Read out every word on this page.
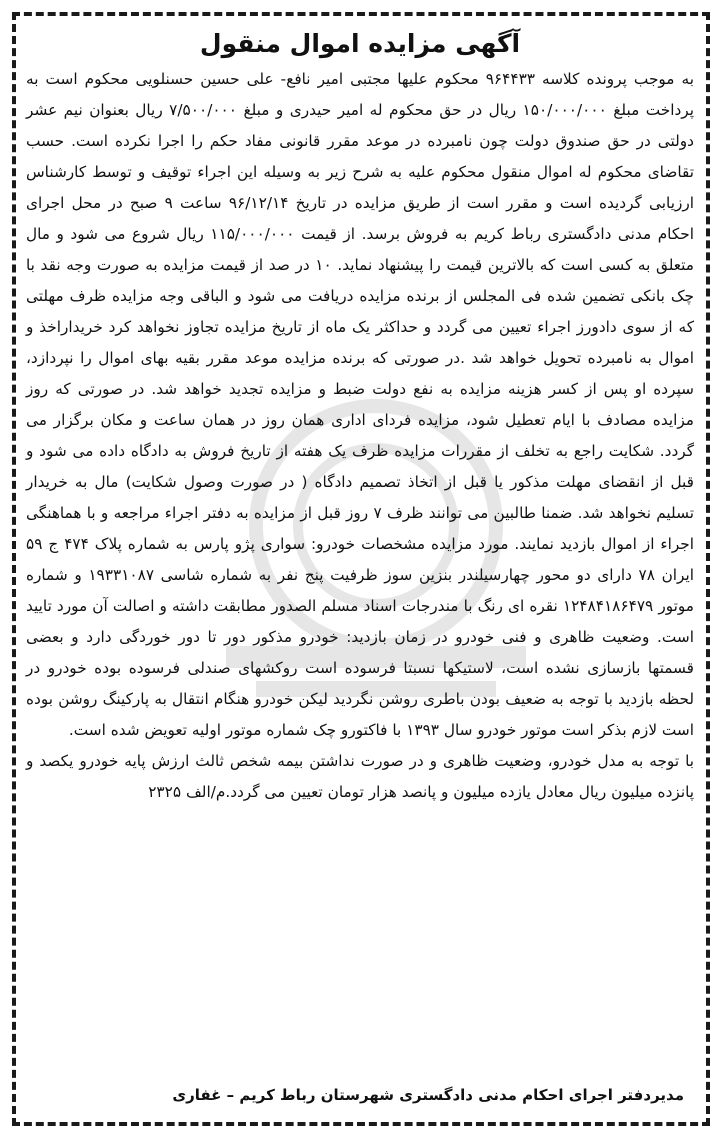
آگهی مزایده اموال منقول

به موجب پرونده کلاسه ۹۶۴۴۳۳ محکوم علیها مجتبی امیر نافع- علی حسین حسنلویی محکوم است به پرداخت مبلغ ۱۵۰/۰۰۰/۰۰۰ ریال در حق محکوم له امیر حیدری و مبلغ ۷/۵۰۰/۰۰۰ ریال بعنوان نیم عشر دولتی در حق صندوق دولت چون نامبرده در موعد مقرر قانونی مفاد حکم را اجرا نکرده است. حسب تقاضای محکوم له اموال منقول محکوم علیه به شرح زیر به وسیله این اجراء توقیف و توسط کارشناس ارزیابی گردیده است و مقرر است از طریق مزایده در تاریخ ۹۶/۱۲/۱۴ ساعت ۹ صبح در محل اجرای احکام مدنی دادگستری رباط کریم به فروش برسد. از قیمت ۱۱۵/۰۰۰/۰۰۰ ریال شروع می شود و مال متعلق به کسی است که بالاترین قیمت را پیشنهاد نماید. ۱۰ در صد از قیمت مزایده به صورت وجه نقد با چک بانکی تضمین شده فی المجلس از برنده مزایده دریافت می شود و الباقی وجه مزایده ظرف مهلتی که از سوی دادورز اجراء تعیین می گردد و حداکثر یک ماه از تاریخ مزایده تجاوز نخواهد کرد خریداراخذ و اموال به نامبرده تحویل خواهد شد .در صورتی که برنده مزایده موعد مقرر بقیه بهای اموال را نپردازد، سپرده او پس از کسر هزینه مزایده به نفع دولت ضبط و مزایده تجدید خواهد شد. در صورتی که روز مزایده مصادف با ایام تعطیل شود، مزایده فردای اداری همان روز در همان ساعت و مکان برگزار می گردد. شکایت راجع به تخلف از مقررات مزایده ظرف یک هفته از تاریخ فروش به دادگاه داده می شود و قبل از انقضای مهلت مذکور یا قبل از اتخاذ تصمیم دادگاه ( در صورت وصول شکایت) مال به خریدار تسلیم نخواهد شد. ضمنا طالبین می توانند ظرف ۷ روز قبل از مزایده به دفتر اجراء مراجعه و با هماهنگی اجراء از اموال بازدید نمایند. مورد مزایده مشخصات خودرو: سواری پژو پارس به شماره پلاک ۴۷۴ ج ۵۹ ایران ۷۸ دارای دو محور چهارسیلندر بنزین سوز ظرفیت پنج نفر به شماره شاسی ۱۹۳۳۱۰۸۷ و شماره موتور ۱۲۴۸۴۱۸۶۴۷۹ نقره ای رنگ با مندرجات اسناد مسلم الصدور مطابقت داشته و اصالت آن مورد تایید است. وضعیت ظاهری و فنی خودرو در زمان بازدید: خودرو مذکور دور تا دور خوردگی دارد و بعضی قسمتها بازسازی نشده است، لاستیکها نسبتا فرسوده است روکشهای صندلی فرسوده بوده خودرو در لحظه بازدید با توجه به ضعیف بودن باطری روشن نگردید لیکن خودرو هنگام انتقال به پارکینگ روشن بوده است لازم بذکر است موتور خودرو سال ۱۳۹۳ با فاکتورو چک شماره موتور اولیه تعویض شده است.

با توجه به مدل خودرو، وضعیت ظاهری و در صورت نداشتن بیمه شخص ثالث ارزش پایه خودرو یکصد و پانزده میلیون ریال معادل یازده میلیون و پانصد هزار تومان تعیین می گردد.م/الف ۲۳۲۵

مدیردفتر اجرای احکام مدنی دادگستری شهرستان رباط کریم – غفاری
